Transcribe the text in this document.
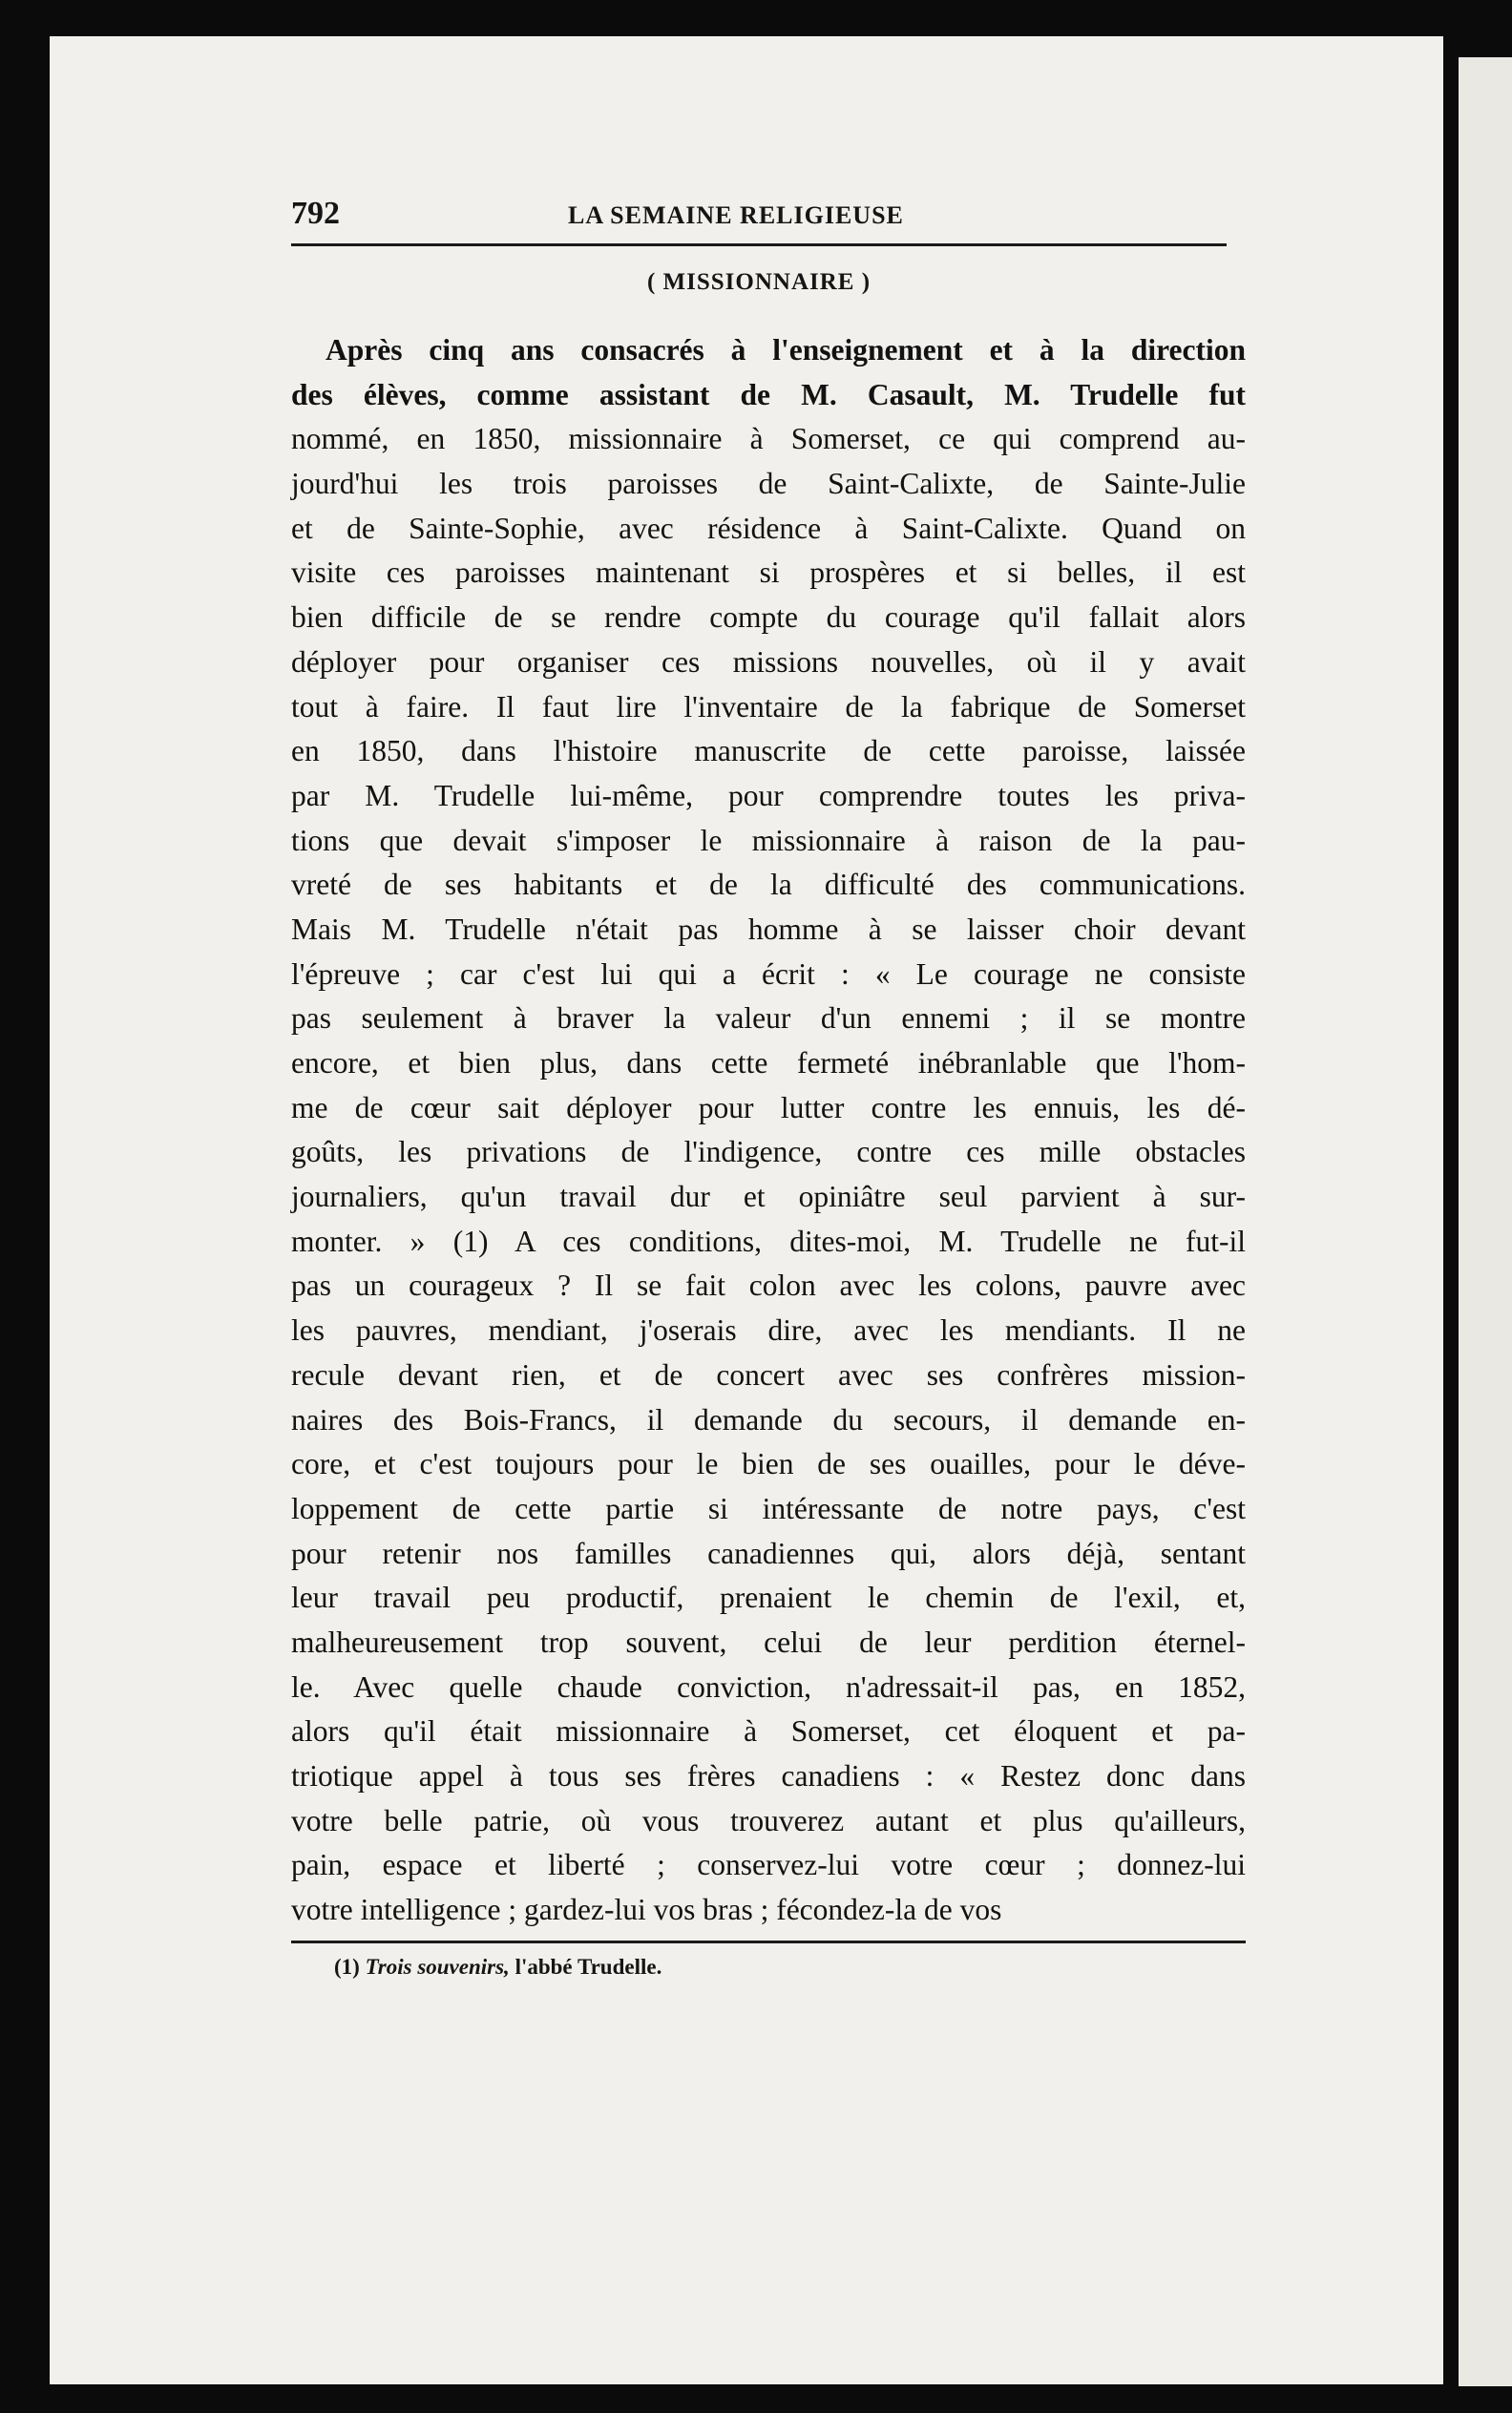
792	LA SEMAINE RELIGIEUSE
( MISSIONNAIRE )
Après cinq ans consacrés à l'enseignement et à la direction
des élèves, comme assistant de M. Casault, M. Trudelle fut
nommé, en 1850, missionnaire à Somerset, ce qui comprend au-
jourd'hui les trois paroisses de Saint-Calixte, de Sainte-Julie
et de Sainte-Sophie, avec résidence à Saint-Calixte. Quand on
visite ces paroisses maintenant si prospères et si belles, il est
bien difficile de se rendre compte du courage qu'il fallait alors
déployer pour organiser ces missions nouvelles, où il y avait
tout à faire. Il faut lire l'inventaire de la fabrique de Somerset
en 1850, dans l'histoire manuscrite de cette paroisse, laissée
par M. Trudelle lui-même, pour comprendre toutes les priva-
tions que devait s'imposer le missionnaire à raison de la pau-
vreté de ses habitants et de la difficulté des communications.
Mais M. Trudelle n'était pas homme à se laisser choir devant
l'épreuve ; car c'est lui qui a écrit : « Le courage ne consiste
pas seulement à braver la valeur d'un ennemi ; il se montre
encore, et bien plus, dans cette fermeté inébranlable que l'hom-
me de cœur sait déployer pour lutter contre les ennuis, les dé-
goûts, les privations de l'indigence, contre ces mille obstacles
journaliers, qu'un travail dur et opiniâtre seul parvient à sur-
monter. » (1) A ces conditions, dites-moi, M. Trudelle ne fut-il
pas un courageux ? Il se fait colon avec les colons, pauvre avec
les pauvres, mendiant, j'oserais dire, avec les mendiants. Il ne
recule devant rien, et de concert avec ses confrères mission-
naires des Bois-Francs, il demande du secours, il demande en-
core, et c'est toujours pour le bien de ses ouailles, pour le déve-
loppement de cette partie si intéressante de notre pays, c'est
pour retenir nos familles canadiennes qui, alors déjà, sentant
leur travail peu productif, prenaient le chemin de l'exil, et,
malheureusement trop souvent, celui de leur perdition éternel-
le. Avec quelle chaude conviction, n'adressait-il pas, en 1852,
alors qu'il était missionnaire à Somerset, cet éloquent et pa-
triotique appel à tous ses frères canadiens : « Restez donc dans
votre belle patrie, où vous trouverez autant et plus qu'ailleurs,
pain, espace et liberté ; conservez-lui votre cœur ; donnez-lui
votre intelligence ; gardez-lui vos bras ; fécondez-la de vos
(1) Trois souvenirs, l'abbé Trudelle.
